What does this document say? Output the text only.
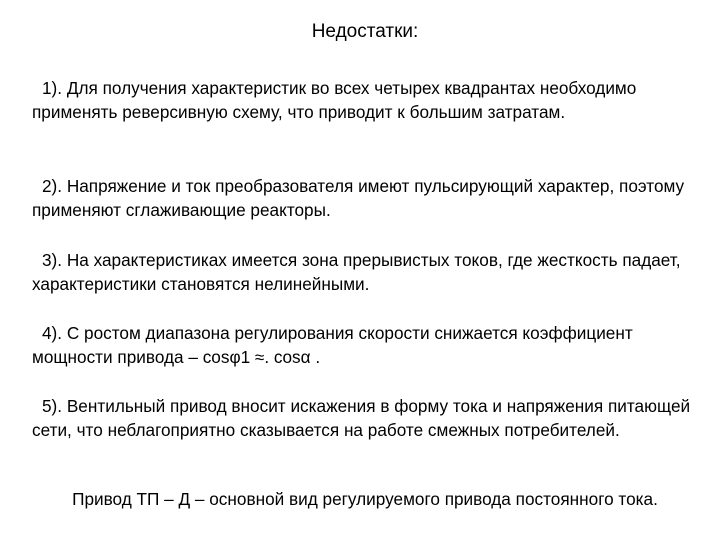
Недостатки:
1). Для получения характеристик во всех четырех квадрантах необходимо применять реверсивную схему, что приводит к большим затратам.
2). Напряжение и ток преобразователя имеют пульсирующий характер, поэтому применяют сглаживающие реакторы.
3). На характеристиках имеется зона прерывистых токов, где жесткость падает, характеристики становятся нелинейными.
4). С ростом диапазона регулирования скорости снижается коэффициент мощности привода – cosφ1 ≈. cosα .
5). Вентильный привод вносит искажения в форму тока и напряжения питающей сети, что неблагоприятно сказывается на работе смежных потребителей.
Привод ТП – Д – основной вид регулируемого привода постоянного тока.
